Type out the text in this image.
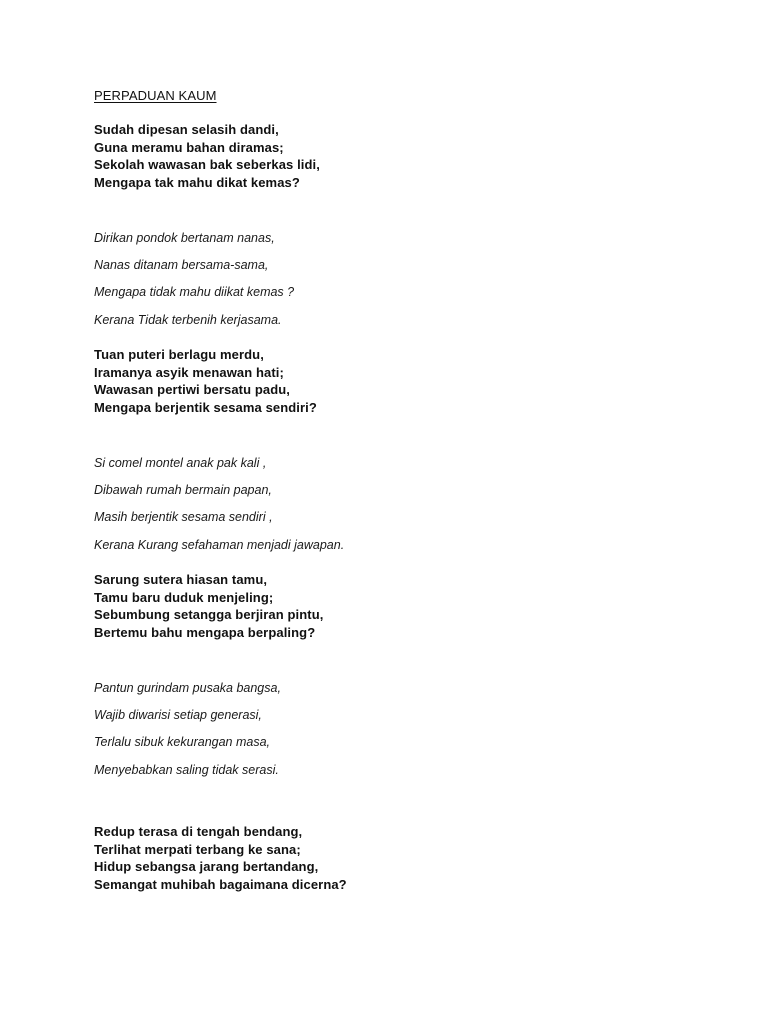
PERPADUAN KAUM
Sudah dipesan selasih dandi,
Guna meramu bahan diramas;
Sekolah wawasan bak seberkas lidi,
Mengapa tak mahu dikat kemas?
Dirikan pondok bertanam nanas,
Nanas ditanam bersama-sama,
Mengapa tidak mahu diikat kemas ?
Kerana Tidak terbenih kerjasama.
Tuan puteri berlagu merdu,
Iramanya asyik menawan hati;
Wawasan pertiwi bersatu padu,
Mengapa berjentik sesama sendiri?
Si comel montel anak pak kali ,
Dibawah rumah bermain papan,
Masih berjentik sesama sendiri ,
Kerana Kurang sefahaman menjadi jawapan.
Sarung sutera hiasan tamu,
Tamu baru duduk menjeling;
Sebumbung setangga berjiran pintu,
Bertemu bahu mengapa berpaling?
Pantun gurindam pusaka bangsa,
Wajib diwarisi setiap generasi,
Terlalu sibuk kekurangan masa,
Menyebabkan saling tidak serasi.
Redup terasa di tengah bendang,
Terlihat merpati terbang ke sana;
Hidup sebangsa jarang bertandang,
Semangat muhibah bagaimana dicerna?
